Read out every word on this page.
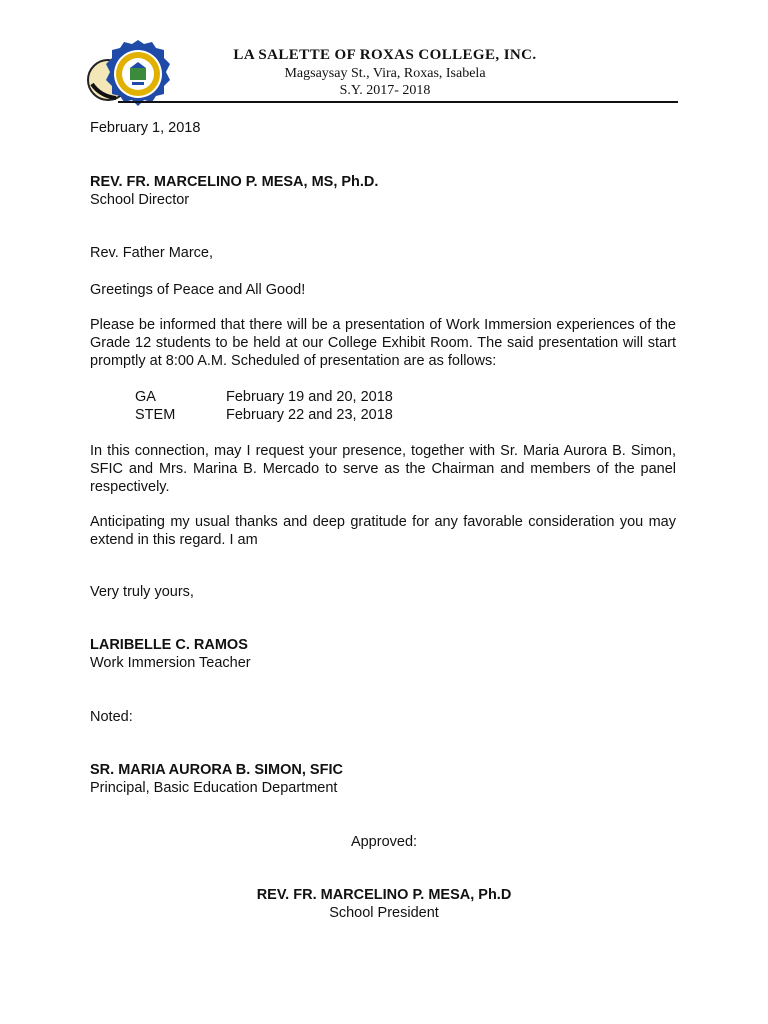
LA SALETTE OF ROXAS COLLEGE, INC.
Magsaysay St., Vira, Roxas, Isabela
S.Y. 2017- 2018
February 1, 2018
REV. FR. MARCELINO P. MESA, MS, Ph.D.
School Director
Rev. Father Marce,
Greetings of Peace and All Good!
Please be informed that there will be a presentation of Work Immersion experiences of the Grade 12 students to be held at our College Exhibit Room. The said presentation will start promptly at 8:00 A.M. Scheduled of presentation are as follows:
GA	February 19 and 20, 2018
STEM	February 22 and 23, 2018
In this connection, may I request your presence, together with Sr. Maria Aurora B. Simon, SFIC and Mrs. Marina B. Mercado to serve as the Chairman and members of the panel respectively.
Anticipating my usual thanks and deep gratitude for any favorable consideration you may extend in this regard. I am
Very truly yours,
LARIBELLE C. RAMOS
Work Immersion Teacher
Noted:
SR. MARIA AURORA B. SIMON, SFIC
Principal, Basic Education Department
Approved:
REV. FR. MARCELINO P. MESA, Ph.D
School President
